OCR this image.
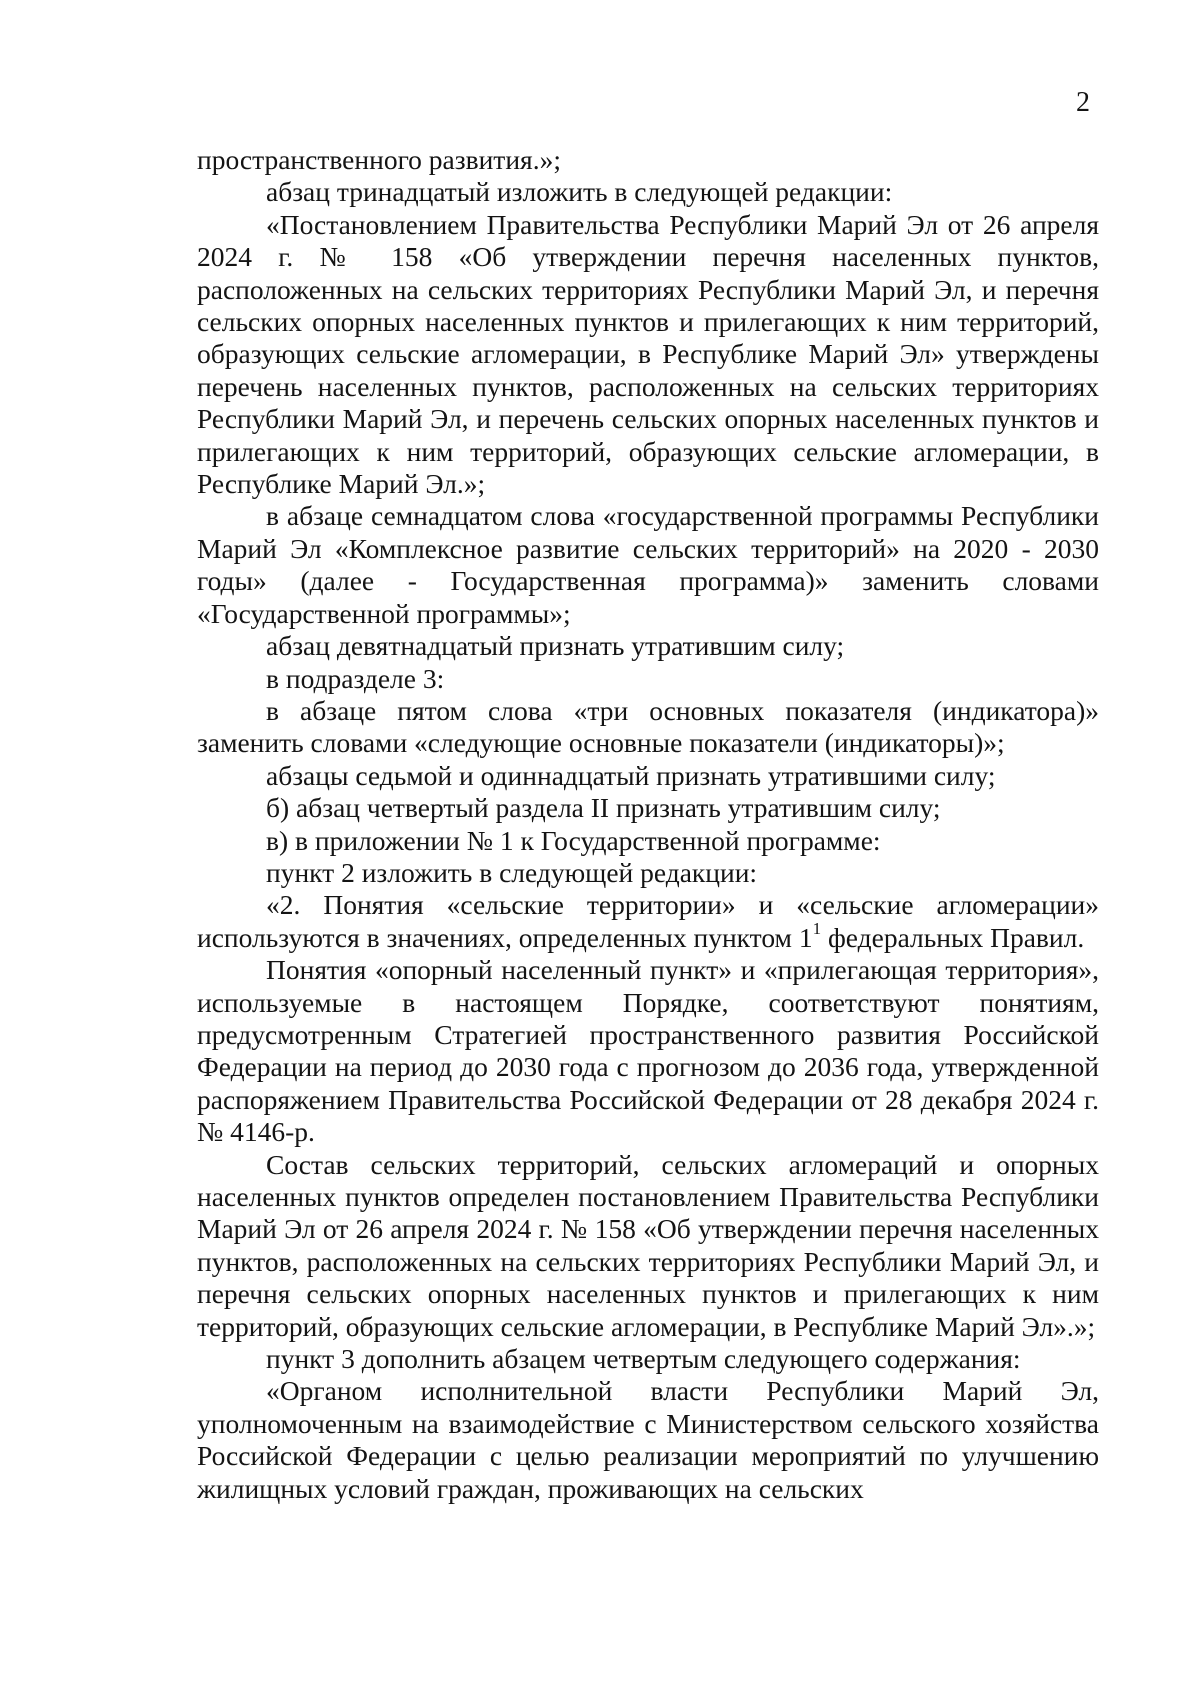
2

пространственного развития.»;

абзац тринадцатый изложить в следующей редакции:

«Постановлением Правительства Республики Марий Эл от 26 апреля 2024 г. № 158 «Об утверждении перечня населенных пунктов, расположенных на сельских территориях Республики Марий Эл, и перечня сельских опорных населенных пунктов и прилегающих к ним территорий, образующих сельские агломерации, в Республике Марий Эл» утверждены перечень населенных пунктов, расположенных на сельских территориях Республики Марий Эл, и перечень сельских опорных населенных пунктов и прилегающих к ним территорий, образующих сельские агломерации, в Республике Марий Эл.»;

в абзаце семнадцатом слова «государственной программы Республики Марий Эл «Комплексное развитие сельских территорий» на 2020 - 2030 годы» (далее - Государственная программа)» заменить словами «Государственной программы»;

абзац девятнадцатый признать утратившим силу;

в подразделе 3:

в абзаце пятом слова «три основных показателя (индикатора)» заменить словами «следующие основные показатели (индикаторы)»;

абзацы седьмой и одиннадцатый признать утратившими силу;

б) абзац четвертый раздела II признать утратившим силу;

в) в приложении № 1 к Государственной программе:

пункт 2 изложить в следующей редакции:

«2. Понятия «сельские территории» и «сельские агломерации» используются в значениях, определенных пунктом $1^1$ федеральных Правил.

Понятия «опорный населенный пункт» и «прилегающая территория», используемые в настоящем Порядке, соответствуют понятиям, предусмотренным Стратегией пространственного развития Российской Федерации на период до 2030 года с прогнозом до 2036 года, утвержденной распоряжением Правительства Российской Федерации от 28 декабря 2024 г. № 4146-р.

Состав сельских территорий, сельских агломераций и опорных населенных пунктов определен постановлением Правительства Республики Марий Эл от 26 апреля 2024 г. № 158 «Об утверждении перечня населенных пунктов, расположенных на сельских территориях Республики Марий Эл, и перечня сельских опорных населенных пунктов и прилегающих к ним территорий, образующих сельские агломерации, в Республике Марий Эл».»;

пункт 3 дополнить абзацем четвертым следующего содержания:

«Органом исполнительной власти Республики Марий Эл, уполномоченным на взаимодействие с Министерством сельского хозяйства Российской Федерации с целью реализации мероприятий по улучшению жилищных условий граждан, проживающих на сельских
